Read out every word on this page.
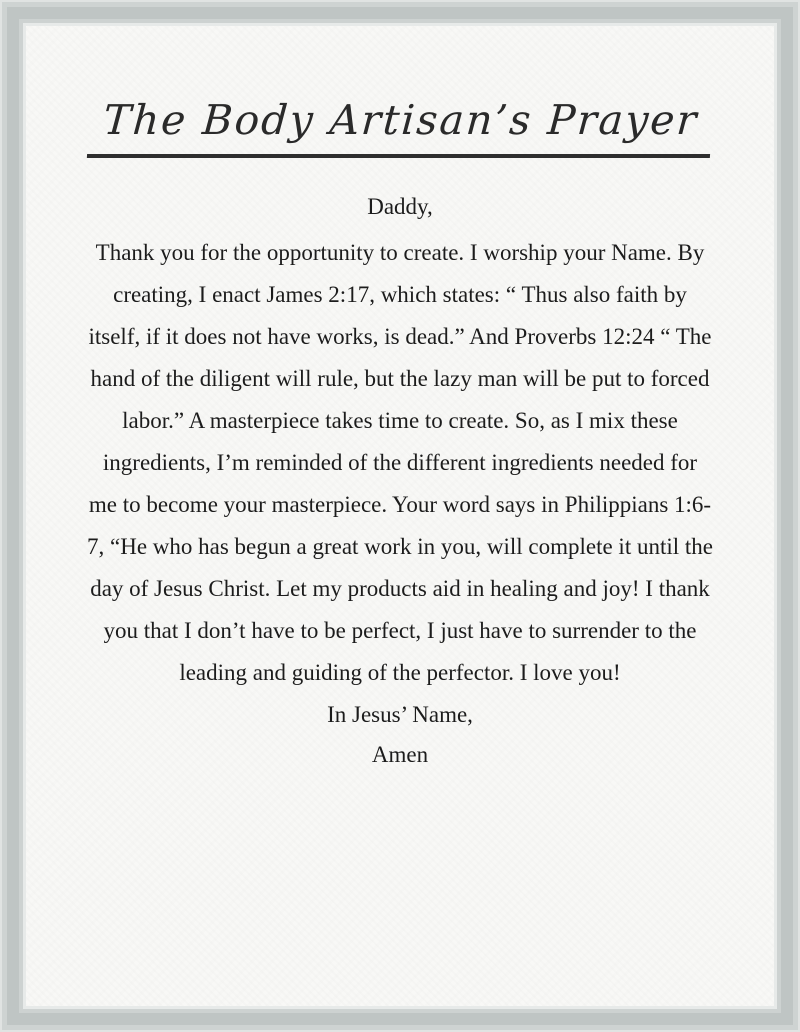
The Body Artisan’s Prayer
Daddy,

Thank you for the opportunity to create. I worship your Name. By creating, I enact James 2:17, which states: “ Thus also faith by itself, if it does not have works, is dead.” And Proverbs 12:24 “ The hand of the diligent will rule, but the lazy man will be put to forced labor.” A masterpiece takes time to create. So, as I mix these ingredients, I’m reminded of the different ingredients needed for me to become your masterpiece. Your word says in Philippians 1:6-7, “He who has begun a great work in you, will complete it until the day of Jesus Christ. Let my products aid in healing and joy! I thank you that I don’t have to be perfect, I just have to surrender to the leading and guiding of the perfector. I love you!

In Jesus’ Name,
Amen
